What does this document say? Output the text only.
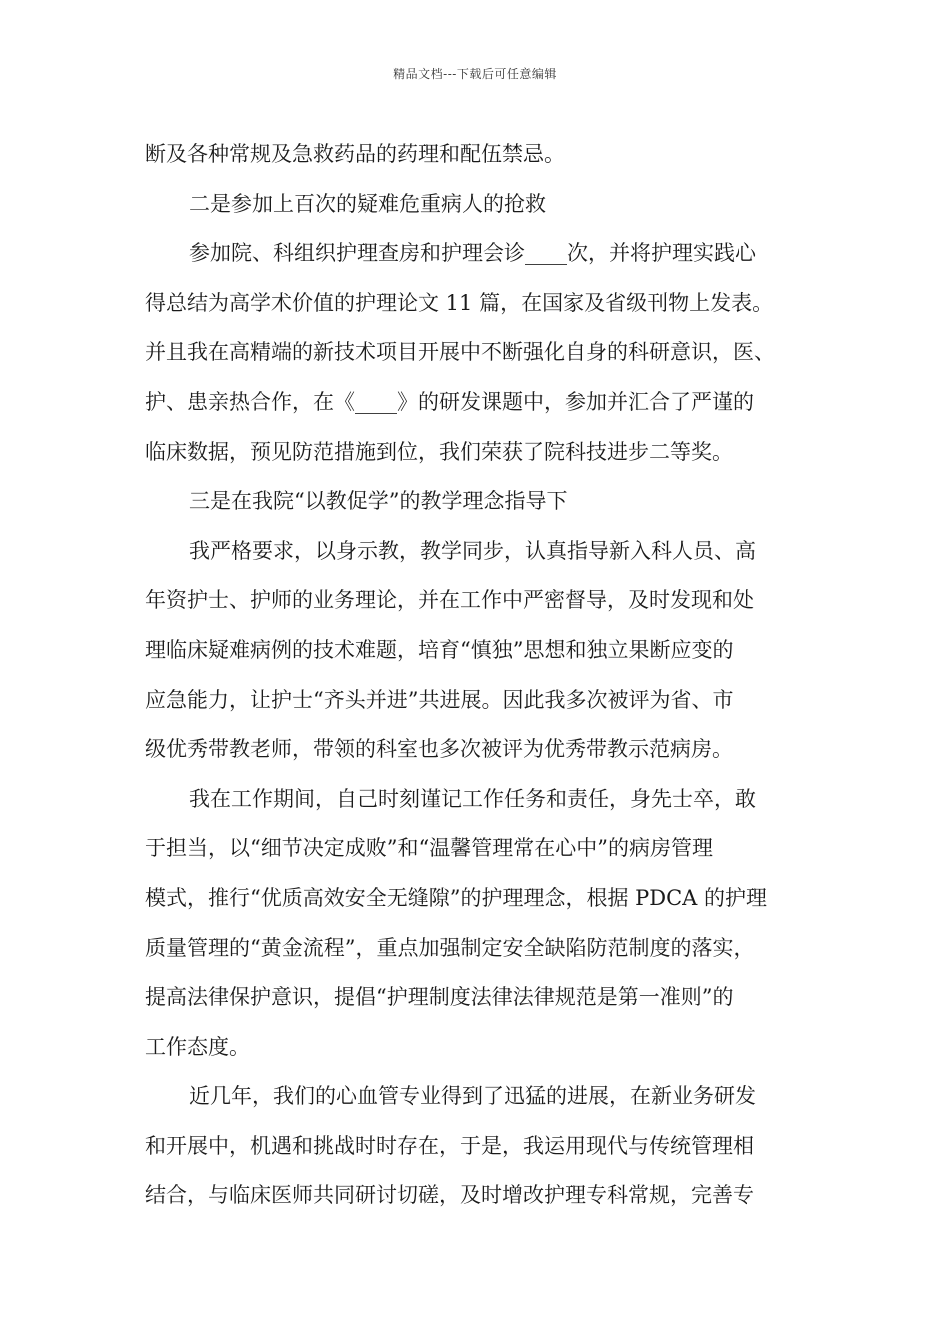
精品文档---下载后可任意编辑
断及各种常规及急救药品的药理和配伍禁忌。
二是参加上百次的疑难危重病人的抢救
参加院、科组织护理查房和护理会诊____次，并将护理实践心
得总结为高学术价值的护理论文 11 篇，在国家及省级刊物上发表。
并且我在高精端的新技术项目开展中不断强化自身的科研意识，医、
护、患亲热合作，在《____》的研发课题中，参加并汇合了严谨的
临床数据，预见防范措施到位，我们荣获了院科技进步二等奖。
三是在我院“以教促学”的教学理念指导下
我严格要求，以身示教，教学同步，认真指导新入科人员、高
年资护士、护师的业务理论，并在工作中严密督导，及时发现和处
理临床疑难病例的技术难题，培育“慎独”思想和独立果断应变的
应急能力，让护士“齐头并进”共进展。因此我多次被评为省、市
级优秀带教老师，带领的科室也多次被评为优秀带教示范病房。
我在工作期间，自己时刻谨记工作任务和责任，身先士卒，敢
于担当，以“细节决定成败”和“温馨管理常在心中”的病房管理
模式，推行“优质高效安全无缝隙”的护理理念，根据 PDCA 的护理
质量管理的“黄金流程”，重点加强制定安全缺陷防范制度的落实，
提高法律保护意识，提倡“护理制度法律法律规范是第一准则”的
工作态度。
近几年，我们的心血管专业得到了迅猛的进展，在新业务研发
和开展中，机遇和挑战时时存在，于是，我运用现代与传统管理相
结合，与临床医师共同研讨切磋，及时增改护理专科常规，完善专
